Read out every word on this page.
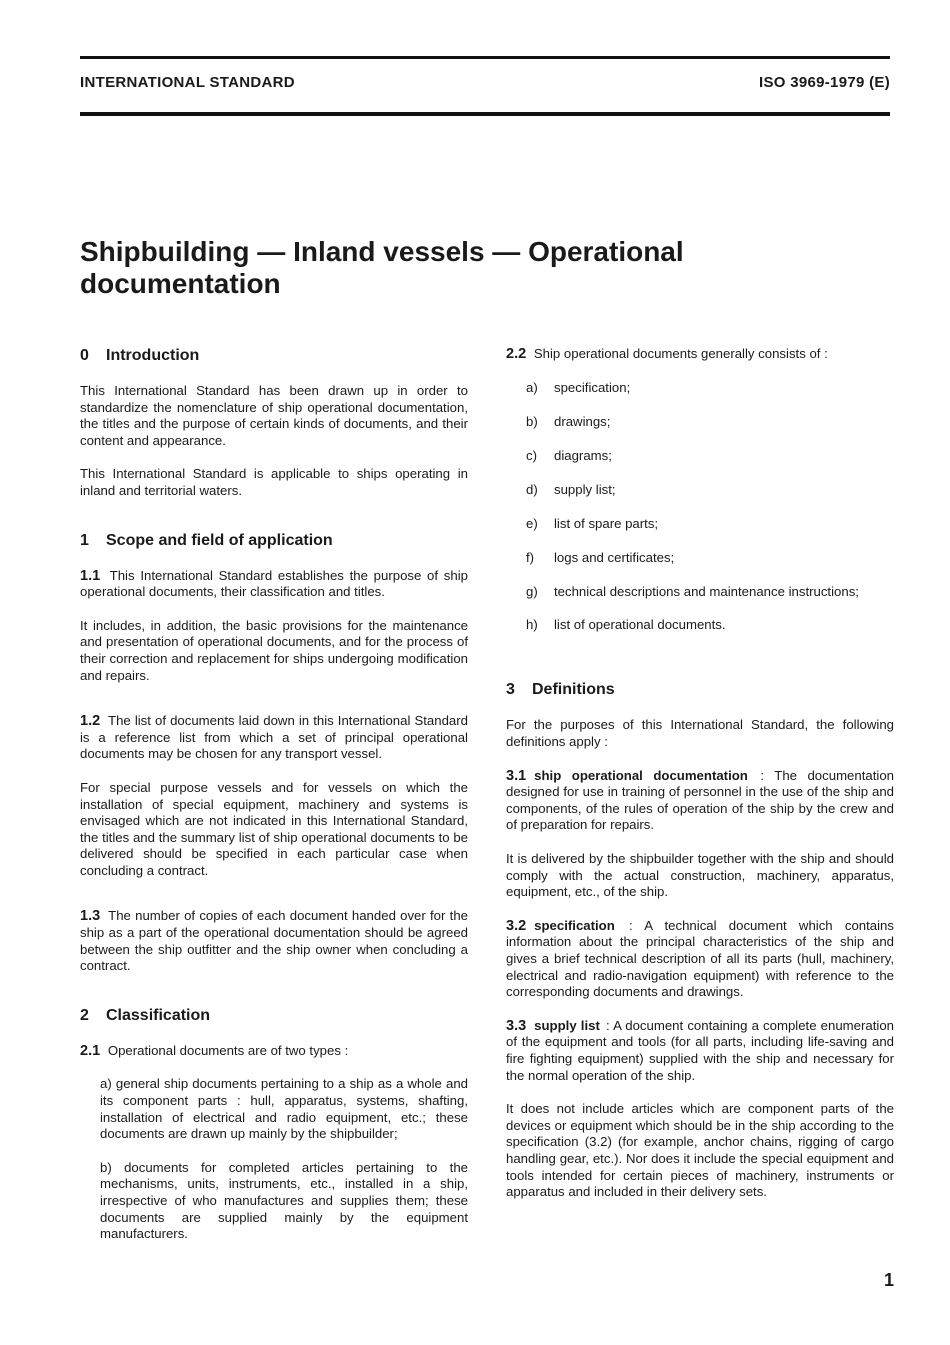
INTERNATIONAL STANDARD	ISO 3969-1979 (E)
Shipbuilding — Inland vessels — Operational documentation
0 Introduction

This International Standard has been drawn up in order to standardize the nomenclature of ship operational documentation, the titles and the purpose of certain kinds of documents, and their content and appearance.

This International Standard is applicable to ships operating in inland and territorial waters.

1 Scope and field of application

1.1 This International Standard establishes the purpose of ship operational documents, their classification and titles.

It includes, in addition, the basic provisions for the maintenance and presentation of operational documents, and for the process of their correction and replacement for ships undergoing modification and repairs.

1.2 The list of documents laid down in this International Standard is a reference list from which a set of principal operational documents may be chosen for any transport vessel.

For special purpose vessels and for vessels on which the installation of special equipment, machinery and systems is envisaged which are not indicated in this International Standard, the titles and the summary list of ship operational documents to be delivered should be specified in each particular case when concluding a contract.

1.3 The number of copies of each document handed over for the ship as a part of the operational documentation should be agreed between the ship outfitter and the ship owner when concluding a contract.

2 Classification

2.1 Operational documents are of two types :

a) general ship documents pertaining to a ship as a whole and its component parts : hull, apparatus, systems, shafting, installation of electrical and radio equipment, etc.; these documents are drawn up mainly by the shipbuilder;

b) documents for completed articles pertaining to the mechanisms, units, instruments, etc., installed in a ship, irrespective of who manufactures and supplies them; these documents are supplied mainly by the equipment manufacturers.

2.2 Ship operational documents generally consists of :

a) specification;
b) drawings;
c) diagrams;
d) supply list;
e) list of spare parts;
f) logs and certificates;
g) technical descriptions and maintenance instructions;
h) list of operational documents.
3 Definitions

For the purposes of this International Standard, the following definitions apply :

3.1 ship operational documentation : The documentation designed for use in training of personnel in the use of the ship and components, of the rules of operation of the ship by the crew and of preparation for repairs.

It is delivered by the shipbuilder together with the ship and should comply with the actual construction, machinery, apparatus, equipment, etc., of the ship.

3.2 specification : A technical document which contains information about the principal characteristics of the ship and gives a brief technical description of all its parts (hull, machinery, electrical and radio-navigation equipment) with reference to the corresponding documents and drawings.

3.3 supply list : A document containing a complete enumeration of the equipment and tools (for all parts, including life-saving and fire fighting equipment) supplied with the ship and necessary for the normal operation of the ship.

It does not include articles which are component parts of the devices or equipment which should be in the ship according to the specification (3.2) (for example, anchor chains, rigging of cargo handling gear, etc.). Nor does it include the special equipment and tools intended for certain pieces of machinery, instruments or apparatus and included in their delivery sets.

1
